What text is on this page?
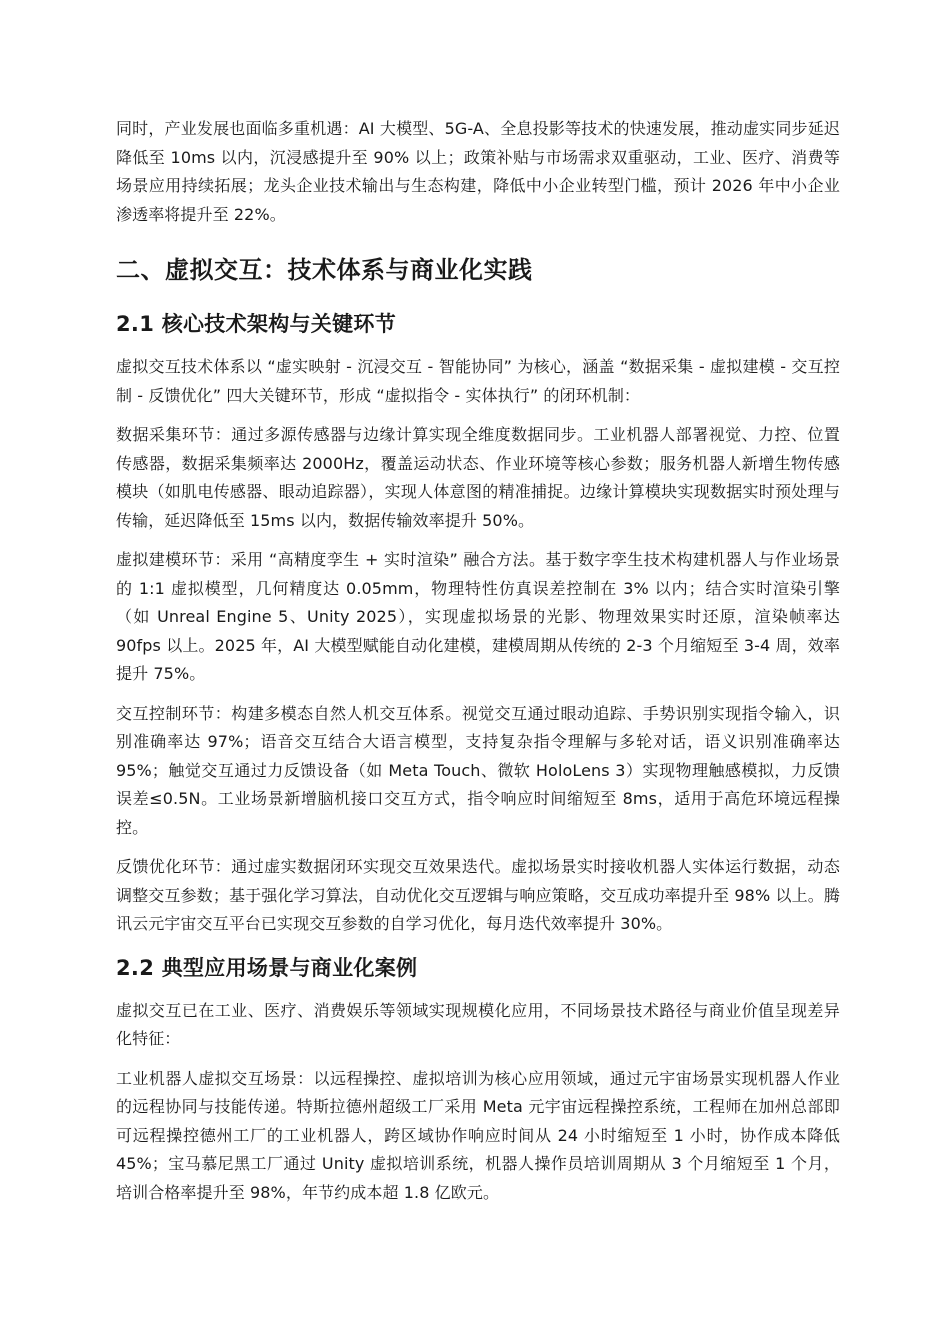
同时，产业发展也面临多重机遇：AI 大模型、5G-A、全息投影等技术的快速发展，推动虚实同步延迟降低至 10ms 以内，沉浸感提升至 90% 以上；政策补贴与市场需求双重驱动，工业、医疗、消费等场景应用持续拓展；龙头企业技术输出与生态构建，降低中小企业转型门槛，预计 2026 年中小企业渗透率将提升至 22%。

二、虚拟交互：技术体系与商业化实践
2.1 核心技术架构与关键环节

虚拟交互技术体系以 “虚实映射 - 沉浸交互 - 智能协同” 为核心，涵盖 “数据采集 - 虚拟建模 - 交互控制 - 反馈优化” 四大关键环节，形成 “虚拟指令 - 实体执行” 的闭环机制：

数据采集环节：通过多源传感器与边缘计算实现全维度数据同步。工业机器人部署视觉、力控、位置传感器，数据采集频率达 2000Hz，覆盖运动状态、作业环境等核心参数；服务机器人新增生物传感模块（如肌电传感器、眼动追踪器），实现人体意图的精准捕捉。边缘计算模块实现数据实时预处理与传输，延迟降低至 15ms 以内，数据传输效率提升 50%。

虚拟建模环节：采用 “高精度孪生 + 实时渲染” 融合方法。基于数字孪生技术构建机器人与作业场景的 1:1 虚拟模型，几何精度达 0.05mm，物理特性仿真误差控制在 3% 以内；结合实时渲染引擎（如 Unreal Engine 5、Unity 2025），实现虚拟场景的光影、物理效果实时还原，渲染帧率达 90fps 以上。2025 年，AI 大模型赋能自动化建模，建模周期从传统的 2-3 个月缩短至 3-4 周，效率提升 75%。

交互控制环节：构建多模态自然人机交互体系。视觉交互通过眼动追踪、手势识别实现指令输入，识别准确率达 97%；语音交互结合大语言模型，支持复杂指令理解与多轮对话，语义识别准确率达 95%；触觉交互通过力反馈设备（如 Meta Touch、微软 HoloLens 3）实现物理触感模拟，力反馈误差≤0.5N。工业场景新增脑机接口交互方式，指令响应时间缩短至 8ms，适用于高危环境远程操控。

反馈优化环节：通过虚实数据闭环实现交互效果迭代。虚拟场景实时接收机器人实体运行数据，动态调整交互参数；基于强化学习算法，自动优化交互逻辑与响应策略，交互成功率提升至 98% 以上。腾讯云元宇宙交互平台已实现交互参数的自学习优化，每月迭代效率提升 30%。

2.2 典型应用场景与商业化案例

虚拟交互已在工业、医疗、消费娱乐等领域实现规模化应用，不同场景技术路径与商业价值呈现差异化特征：

工业机器人虚拟交互场景：以远程操控、虚拟培训为核心应用领域，通过元宇宙场景实现机器人作业的远程协同与技能传递。特斯拉德州超级工厂采用 Meta 元宇宙远程操控系统，工程师在加州总部即可远程操控德州工厂的工业机器人，跨区域协作响应时间从 24 小时缩短至 1 小时，协作成本降低 45%；宝马慕尼黑工厂通过 Unity 虚拟培训系统，机器人操作员培训周期从 3 个月缩短至 1 个月，培训合格率提升至 98%，年节约成本超 1.8 亿欧元。
